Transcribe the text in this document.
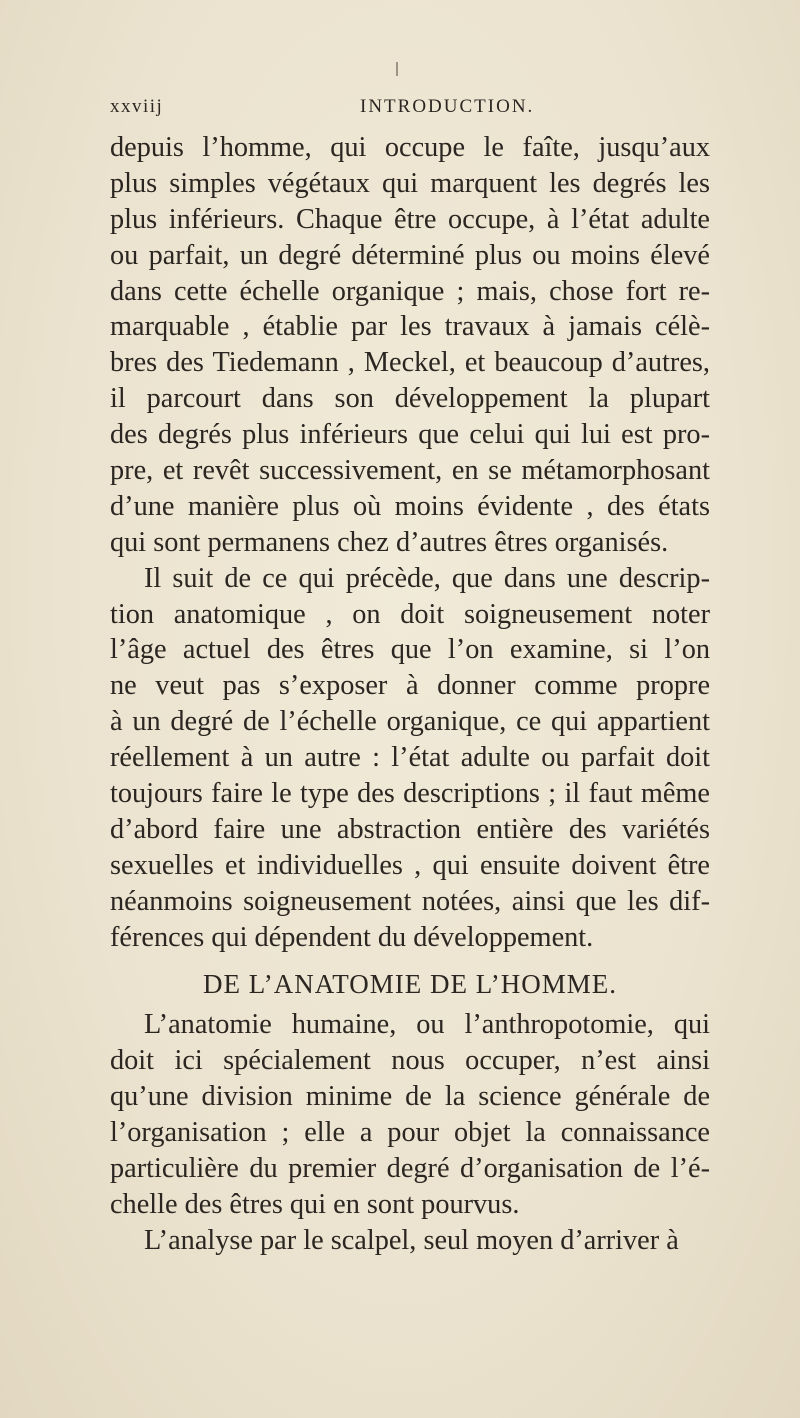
xxviij	INTRODUCTION.
depuis l’homme, qui occupe le faîte, jusqu’aux
plus simples végétaux qui marquent les degrés les
plus inférieurs. Chaque être occupe, à l’état adulte
ou parfait, un degré déterminé plus ou moins élevé
dans cette échelle organique ; mais, chose fort re-
marquable , établie par les travaux à jamais célè-
bres des Tiedemann , Meckel, et beaucoup d’autres,
il parcourt dans son développement la plupart
des degrés plus inférieurs que celui qui lui est pro-
pre, et revêt successivement, en se métamorphosant
d’une manière plus où moins évidente , des états
qui sont permanens chez d’autres êtres organisés.
Il suit de ce qui précède, que dans une descrip-
tion anatomique , on doit soigneusement noter
l’âge actuel des êtres que l’on examine, si l’on
ne veut pas s’exposer à donner comme propre
à un degré de l’échelle organique, ce qui appartient
réellement à un autre : l’état adulte ou parfait doit
toujours faire le type des descriptions ; il faut même
d’abord faire une abstraction entière des variétés
sexuelles et individuelles , qui ensuite doivent être
néanmoins soigneusement notées, ainsi que les dif-
férences qui dépendent du développement.
DE L’ANATOMIE DE L’HOMME.
L’anatomie humaine, ou l’anthropotomie, qui
doit ici spécialement nous occuper, n’est ainsi
qu’une division minime de la science générale de
l’organisation ; elle a pour objet la connaissance
particulière du premier degré d’organisation de l’é-
chelle des êtres qui en sont pourvus.
L’analyse par le scalpel, seul moyen d’arriver à
